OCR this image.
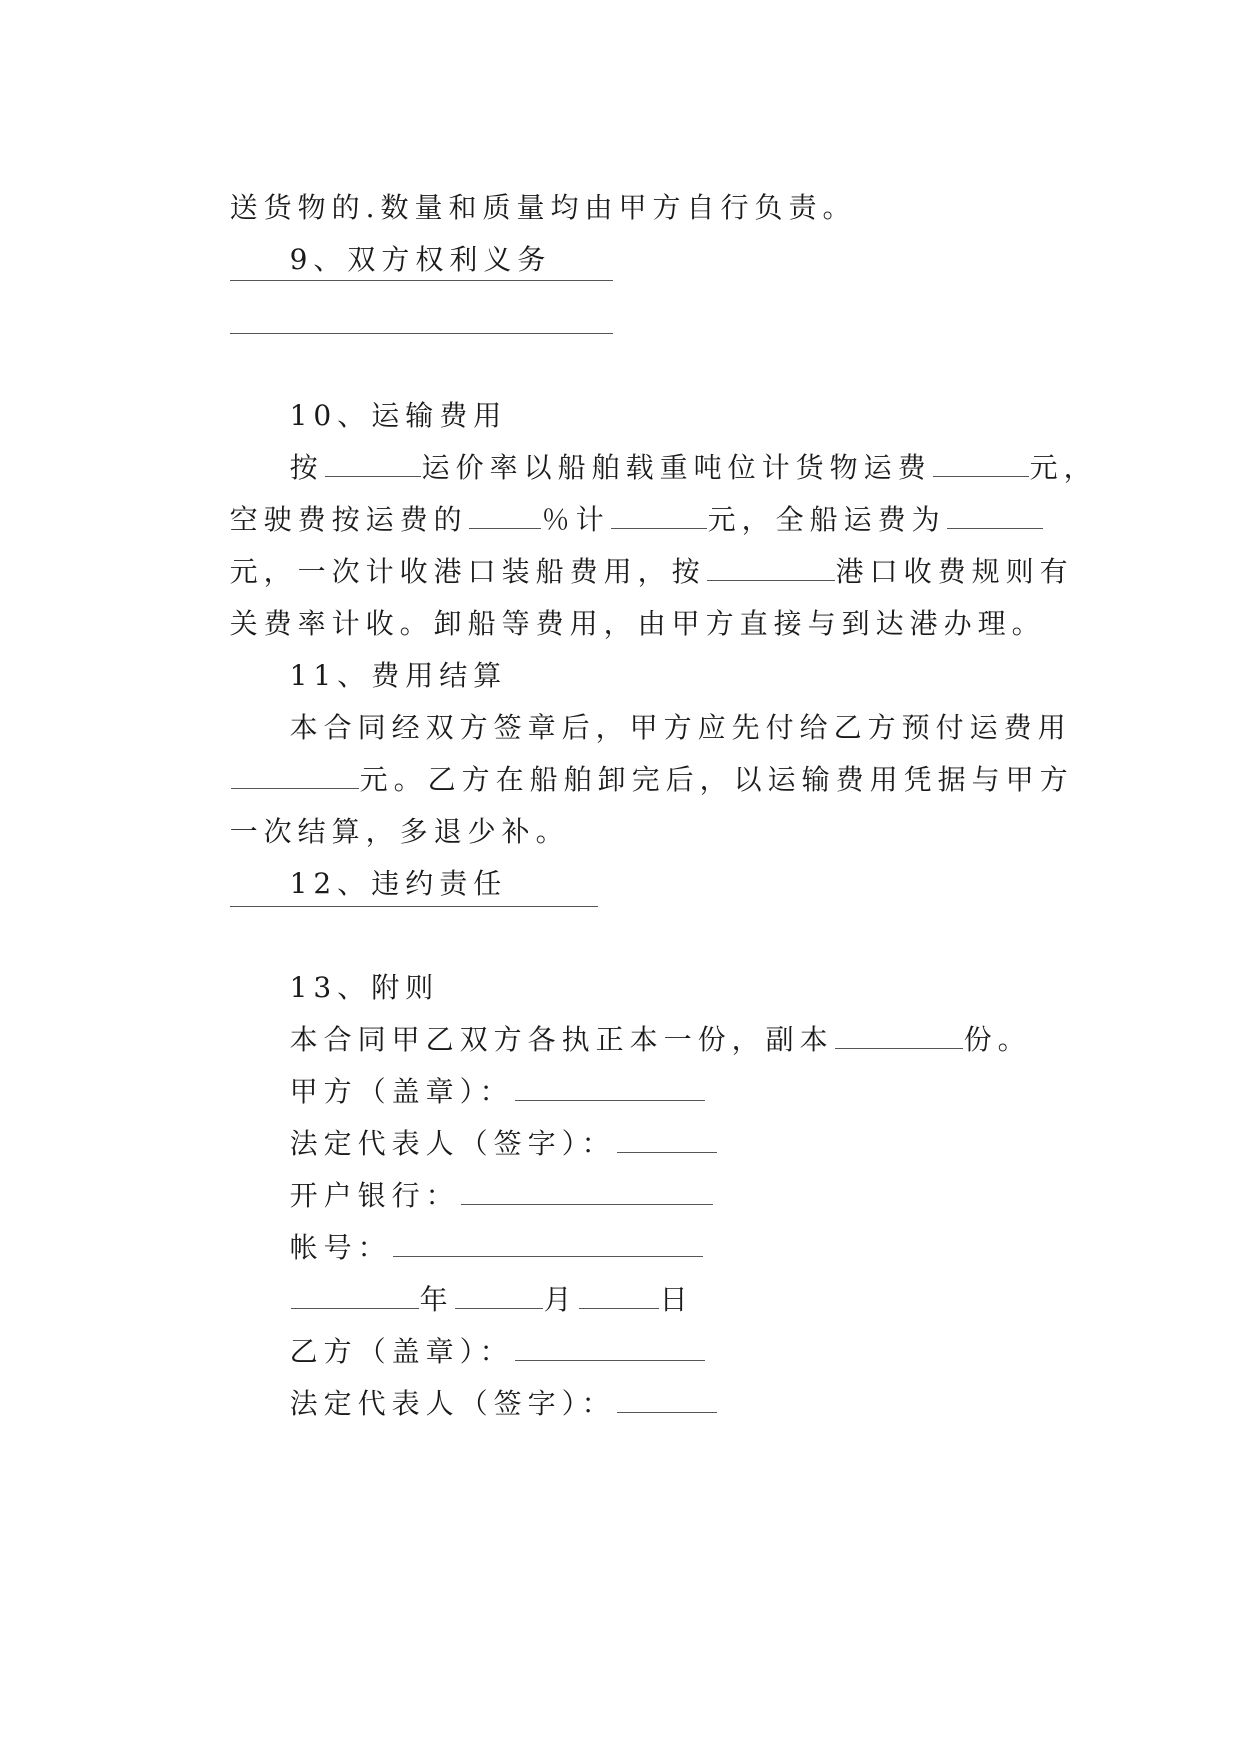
送货物的.数量和质量均由甲方自行负责。

9、双方权利义务

10、运输费用

按	运价率以船舶载重吨位计货物运费	元，

空驶费按运费的	％计	元，全船运费为

元，一次计收港口装船费用，按	港口收费规则有

关费率计收。卸船等费用，由甲方直接与到达港办理。

11、费用结算

本合同经双方签章后，甲方应先付给乙方预付运费用

元。乙方在船舶卸完后，以运输费用凭据与甲方

一次结算，多退少补。

12、违约责任

13、附则

本合同甲乙双方各执正本一份，副本	份。

甲方（盖章）：

法定代表人（签字）：

开户银行：

帐号：

年	月	日

乙方（盖章）：

法定代表人（签字）：
